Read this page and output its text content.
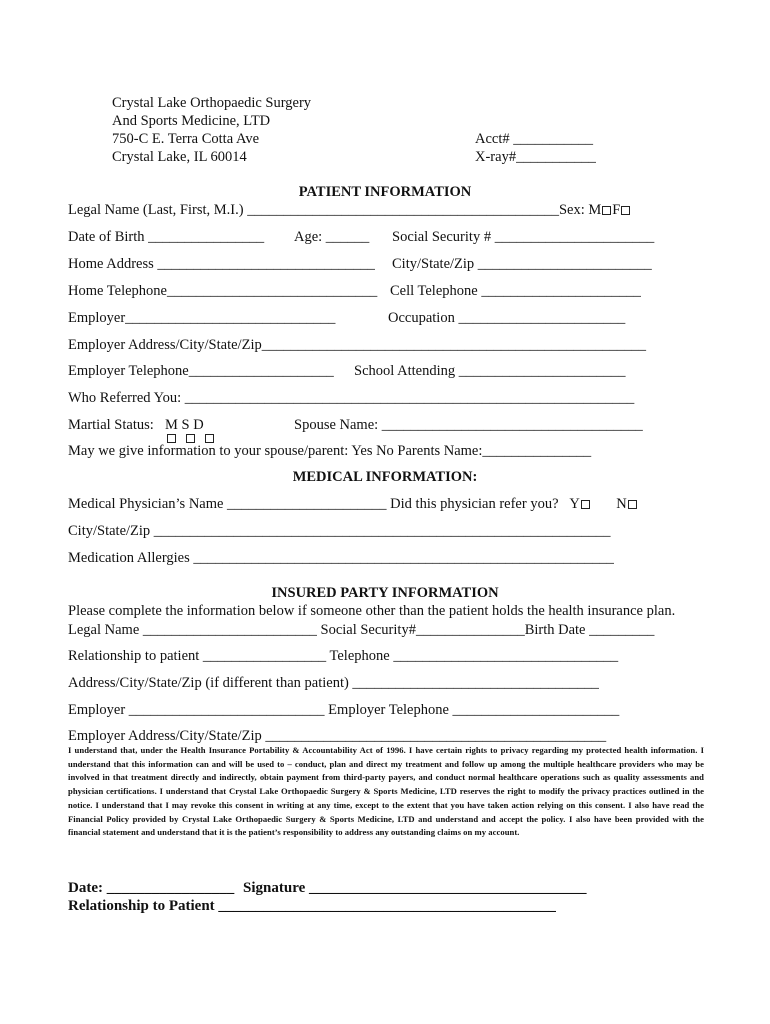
Crystal Lake Orthopaedic Surgery
And Sports Medicine, LTD
750-C E. Terra Cotta Ave
Crystal Lake, IL 60014
Acct# ___________
X-ray#___________
PATIENT INFORMATION
Legal Name (Last, First, M.I.) ___________________________________________Sex: M F
Date of Birth ________________ Age: ______ Social Security # ______________________
Home Address ______________________________ City/State/Zip ________________________
Home Telephone_____________________________ Cell Telephone ______________________
Employer_____________________________	Occupation _______________________
Employer Address/City/State/Zip_____________________________________________________
Employer Telephone____________________ School Attending _______________________
Who Referred You: ______________________________________________________________
Martial Status: M S D	Spouse Name: ____________________________________
May we give information to your spouse/parent: Yes No Parents Name:_______________
MEDICAL INFORMATION:
Medical Physician’s Name ______________________ Did this physician refer you? Y	N
City/State/Zip _______________________________________________________________
Medication Allergies __________________________________________________________
INSURED PARTY INFORMATION
Please complete the information below if someone other than the patient holds the health insurance plan.
Legal Name ________________________ Social Security#_______________Birth Date _________
Relationship to patient _________________ Telephone _______________________________
Address/City/State/Zip (if different than patient) __________________________________
Employer ___________________________ Employer Telephone _______________________
Employer Address/City/State/Zip _______________________________________________
I understand that, under the Health Insurance Portability & Accountability Act of 1996. I have certain rights to privacy regarding my protected health information. I understand that this information can and will be used to – conduct, plan and direct my treatment and follow up among the multiple healthcare providers who may be involved in that treatment directly and indirectly, obtain payment from third-party payers, and conduct normal healthcare operations such as quality assessments and physician certifications. I understand that Crystal Lake Orthopaedic Surgery & Sports Medicine, LTD reserves the right to modify the privacy practices outlined in the notice. I understand that I may revoke this consent in writing at any time, except to the extent that you have taken action relying on this consent. I also have read the Financial Policy provided by Crystal Lake Orthopaedic Surgery & Sports Medicine, LTD and understand and accept the policy. I also have been provided with the financial statement and understand that it is the patient’s responsibility to address any outstanding claims on my account.
Date: _________________ Signature _____________________________________
Relationship to Patient _____________________________________________
